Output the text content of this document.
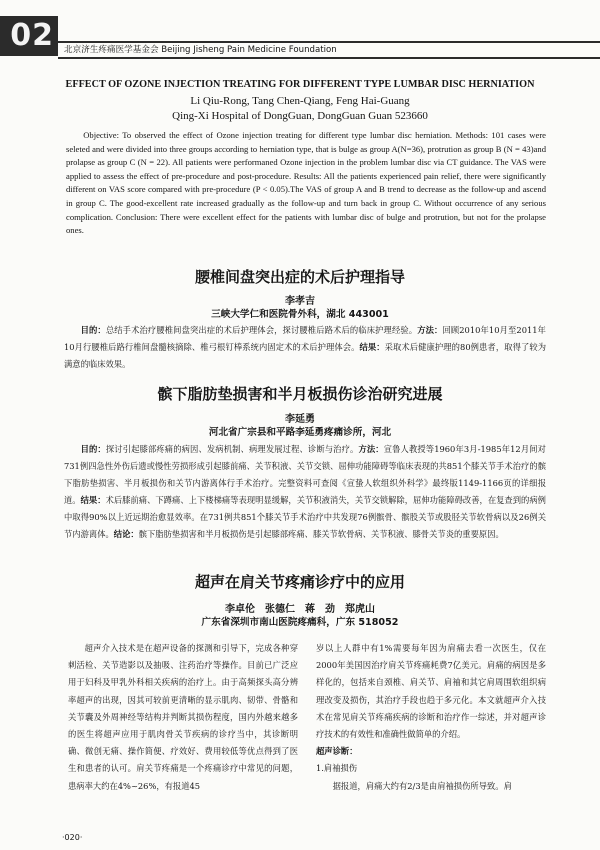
02	北京济生疼痛医学基金会 Beijing Jisheng Pain Medicine Foundation
EFFECT OF OZONE INJECTION TREATING FOR DIFFERENT TYPE LUMBAR DISC HERNIATION
Li Qiu-Rong, Tang Chen-Qiang, Feng Hai-Guang
Qing-Xi Hospital of DongGuan, DongGuan Guan 523660
Objective: To observed the effect of Ozone injection treating for different type lumbar disc herniation. Methods: 101 cases were seleted and were divided into three groups according to herniation type, that is bulge as group A(N=36), protrution as group B (N = 43)and prolapse as group C (N = 22). All patients were performaned Ozone injection in the problem lumbar disc via CT guidance. The VAS were applied to assess the effect of pre-procedure and post-procedure. Results: All the patients experienced pain relief, there were significantly different on VAS score compared with pre-procedure (P < 0.05).The VAS of group A and B trend to decrease as the follow-up and ascend in group C. The good-excellent rate increased gradually as the follow-up and turn back in group C. Without occurrence of any serious complication. Conclusion: There were excellent effect for the patients with lumbar disc of bulge and protrution, but not for the prolapse ones.
腰椎间盘突出症的术后护理指导
李孝吉
三峡大学仁和医院骨外科，湖北 443001
目的：总结手术治疗腰椎间盘突出症的术后护理体会，探讨腰椎后路术后的临床护理经验。方法：回顾2010年10月至2011年10月行腰椎后路行椎间盘髓核摘除、椎弓根钉棒系统内固定术的术后护理体会。结果：采取术后健康护理的80例患者，取得了较为满意的临床效果。
髌下脂肪垫损害和半月板损伤诊治研究进展
李延勇
河北省广宗县和平路李延勇疼痛诊所，河北
目的：探讨引起膝部疼痛的病因、发病机制、病理发展过程、诊断与治疗。方法：宣鲁人教授等1960年3月-1985年12月间对731例四急性外伤后遗或慢性劳损形成引起膝前痛、关节积液、关节交锁、屈伸功能障碍等临床表现的共851个膝关节手术治疗的髌下脂肪垫损害、半月板损伤和关节内游离体行手术治疗。完整资料可查阅《宣蛰人软组织外科学》最终版1149-1166页的详细报道。结果：术后膝前痛、下蹲痛、上下楼梯痛等表现明显缓解，关节积液消失，关节交锁解除，屈伸功能障碍改善，在复查到的病例中取得90%以上近远期治愈显效率。在731例共851个膝关节手术治疗中共发现76例髌骨、髌股关节或股胫关节软骨病以及26例关节内游离体。结论：髌下脂肪垫损害和半月板损伤是引起膝部疼痛、膝关节软骨病、关节积液、膝骨关节炎的重要原因。
超声在肩关节疼痛诊疗中的应用
李卓伦　张德仁　蒋　劲　郑虎山
广东省深圳市南山医院疼痛科，广东 518052

超声介入技术是在超声设备的探测和引导下，完成各种穿刺活检、关节造影以及抽吸、注药治疗等操作。目前已广泛应用于妇科及甲乳外科相关疾病的治疗上。由于高频探头高分辨率超声的出现，因其可较前更清晰的显示肌肉、韧带、骨骼和关节囊及外周神经等结构并判断其损伤程度，国内外越来越多的医生将超声应用于肌肉骨关节疾病的诊疗当中，其诊断明确、微创无痛、操作简便、疗效好、费用较低等优点得到了医生和患者的认可。肩关节疼痛是一个疼痛诊疗中常见的问题，患病率大约在4%~26%，有报道45

岁以上人群中有1%需要每年因为肩痛去看一次医生，仅在2000年美国因治疗肩关节疼痛耗费7亿美元。肩痛的病因是多样化的，包括来自颈椎、肩关节、肩袖和其它肩周围软组织病理改变及损伤，其治疗手段也趋于多元化。本文就超声介入技术在常见肩关节疼痛疾病的诊断和治疗作一综述，并对超声诊疗技术的有效性和准确性做简单的介绍。

超声诊断：

1.肩袖损伤

据报道，肩痛大约有2/3是由肩袖损伤所导致。肩

·020·
